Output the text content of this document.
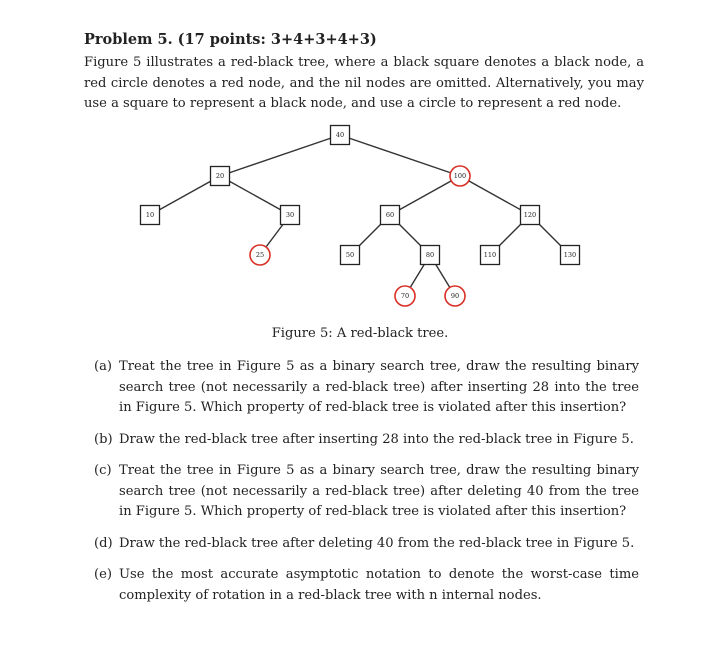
Problem 5. (17 points: 3+4+3+4+3)

Figure 5 illustrates a red-black tree, where a black square denotes a black node, a red circle denotes a red node, and the nil nodes are omitted. Alternatively, you may use a square to represent a black node, and use a circle to represent a red node.

40
20	100
10	30
25
60	120
50	80
70	90
110	130
Figure 5: A red-black tree.
(a) Treat the tree in Figure 5 as a binary search tree, draw the resulting binary search tree (not necessarily a red-black tree) after inserting 28 into the tree in Figure 5. Which property of red-black tree is violated after this insertion?
(b) Draw the red-black tree after inserting 28 into the red-black tree in Figure 5.
(c) Treat the tree in Figure 5 as a binary search tree, draw the resulting binary search tree (not necessarily a red-black tree) after deleting 40 from the tree in Figure 5. Which property of red-black tree is violated after this insertion?
(d) Draw the red-black tree after deleting 40 from the red-black tree in Figure 5.
(e) Use the most accurate asymptotic notation to denote the worst-case time complexity of rotation in a red-black tree with n internal nodes.
